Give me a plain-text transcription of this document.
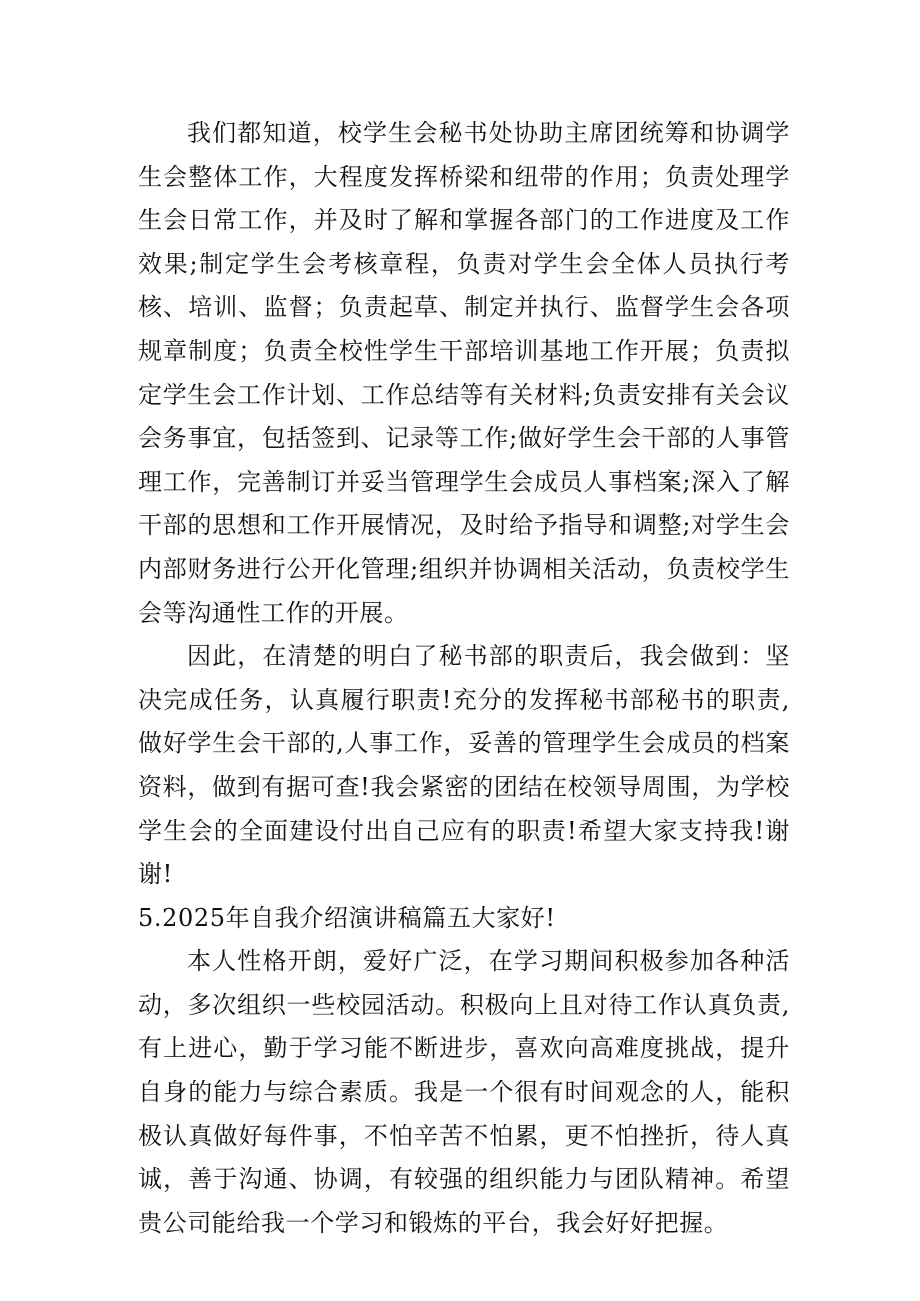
我们都知道，校学生会秘书处协助主席团统筹和协调学生会整体工作，大程度发挥桥梁和纽带的作用；负责处理学生会日常工作，并及时了解和掌握各部门的工作进度及工作效果;制定学生会考核章程，负责对学生会全体人员执行考核、培训、监督；负责起草、制定并执行、监督学生会各项规章制度；负责全校性学生干部培训基地工作开展；负责拟定学生会工作计划、工作总结等有关材料;负责安排有关会议会务事宜，包括签到、记录等工作;做好学生会干部的人事管理工作，完善制订并妥当管理学生会成员人事档案;深入了解干部的思想和工作开展情况，及时给予指导和调整;对学生会内部财务进行公开化管理;组织并协调相关活动，负责校学生会等沟通性工作的开展。

因此，在清楚的明白了秘书部的职责后，我会做到：坚决完成任务，认真履行职责!充分的发挥秘书部秘书的职责,做好学生会干部的,人事工作，妥善的管理学生会成员的档案资料，做到有据可查!我会紧密的团结在校领导周围，为学校学生会的全面建设付出自己应有的职责!希望大家支持我!谢谢!

5.2025年自我介绍演讲稿篇五大家好!

本人性格开朗，爱好广泛，在学习期间积极参加各种活动，多次组织一些校园活动。积极向上且对待工作认真负责,有上进心，勤于学习能不断进步，喜欢向高难度挑战，提升自身的能力与综合素质。我是一个很有时间观念的人，能积极认真做好每件事，不怕辛苦不怕累，更不怕挫折，待人真诚，善于沟通、协调，有较强的组织能力与团队精神。希望贵公司能给我一个学习和锻炼的平台，我会好好把握。
